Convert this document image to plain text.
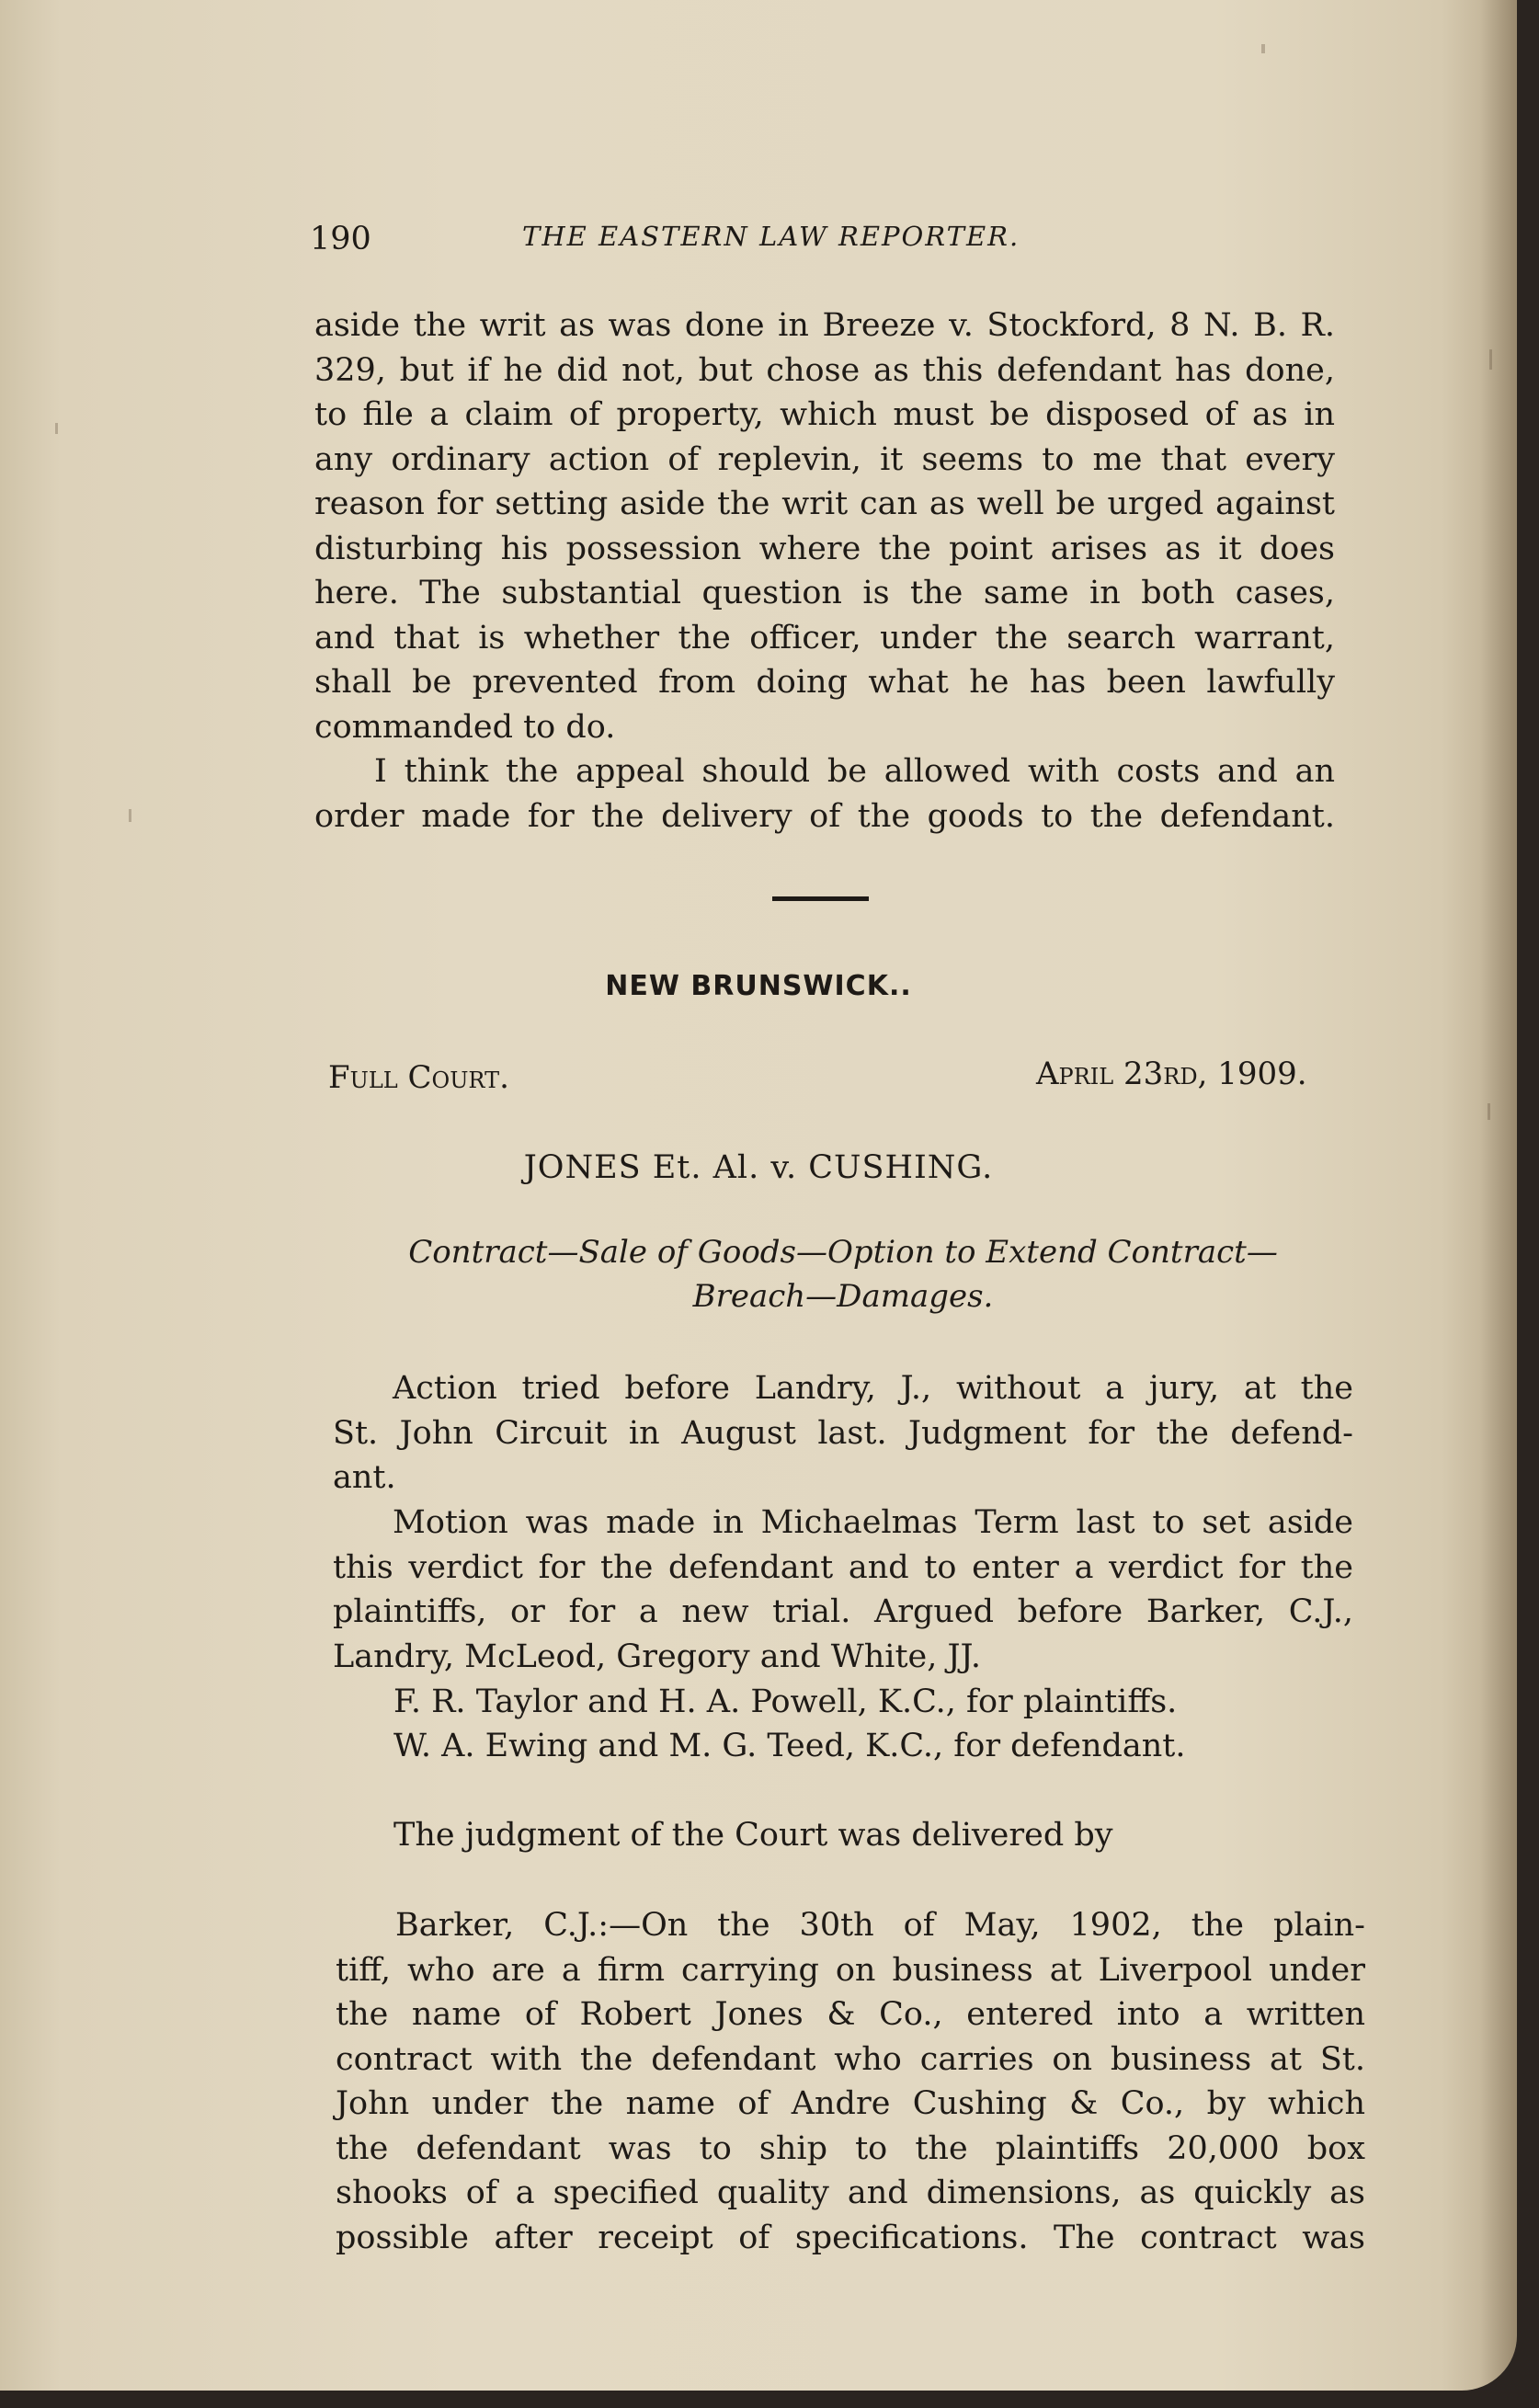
190	THE EASTERN LAW REPORTER.
aside the writ as was done in Breeze v. Stockford, 8 N. B. R.
329, but if he did not, but chose as this defendant has done,
to file a claim of property, which must be disposed of as in
any ordinary action of replevin, it seems to me that every
reason for setting aside the writ can as well be urged against
disturbing his possession where the point arises as it does
here. The substantial question is the same in both cases,
and that is whether the officer, under the search warrant,
shall be prevented from doing what he has been lawfully
commanded to do.
I think the appeal should be allowed with costs and an
order made for the delivery of the goods to the defendant.
NEW BRUNSWICK..
Full Court.	April 23rd, 1909.
JONES Et. Al. v. CUSHING.
Contract—Sale of Goods—Option to Extend Contract—
Breach—Damages.
Action tried before Landry, J., without a jury, at the
St. John Circuit in August last. Judgment for the defend-
ant.
Motion was made in Michaelmas Term last to set aside
this verdict for the defendant and to enter a verdict for the
plaintiffs, or for a new trial. Argued before Barker, C.J.,
Landry, McLeod, Gregory and White, JJ.
F. R. Taylor and H. A. Powell, K.C., for plaintiffs.
W. A. Ewing and M. G. Teed, K.C., for defendant.
The judgment of the Court was delivered by
Barker, C.J.:—On the 30th of May, 1902, the plain-
tiff, who are a firm carrying on business at Liverpool under
the name of Robert Jones & Co., entered into a written
contract with the defendant who carries on business at St.
John under the name of Andre Cushing & Co., by which
the defendant was to ship to the plaintiffs 20,000 box
shooks of a specified quality and dimensions, as quickly as
possible after receipt of specifications. The contract was
